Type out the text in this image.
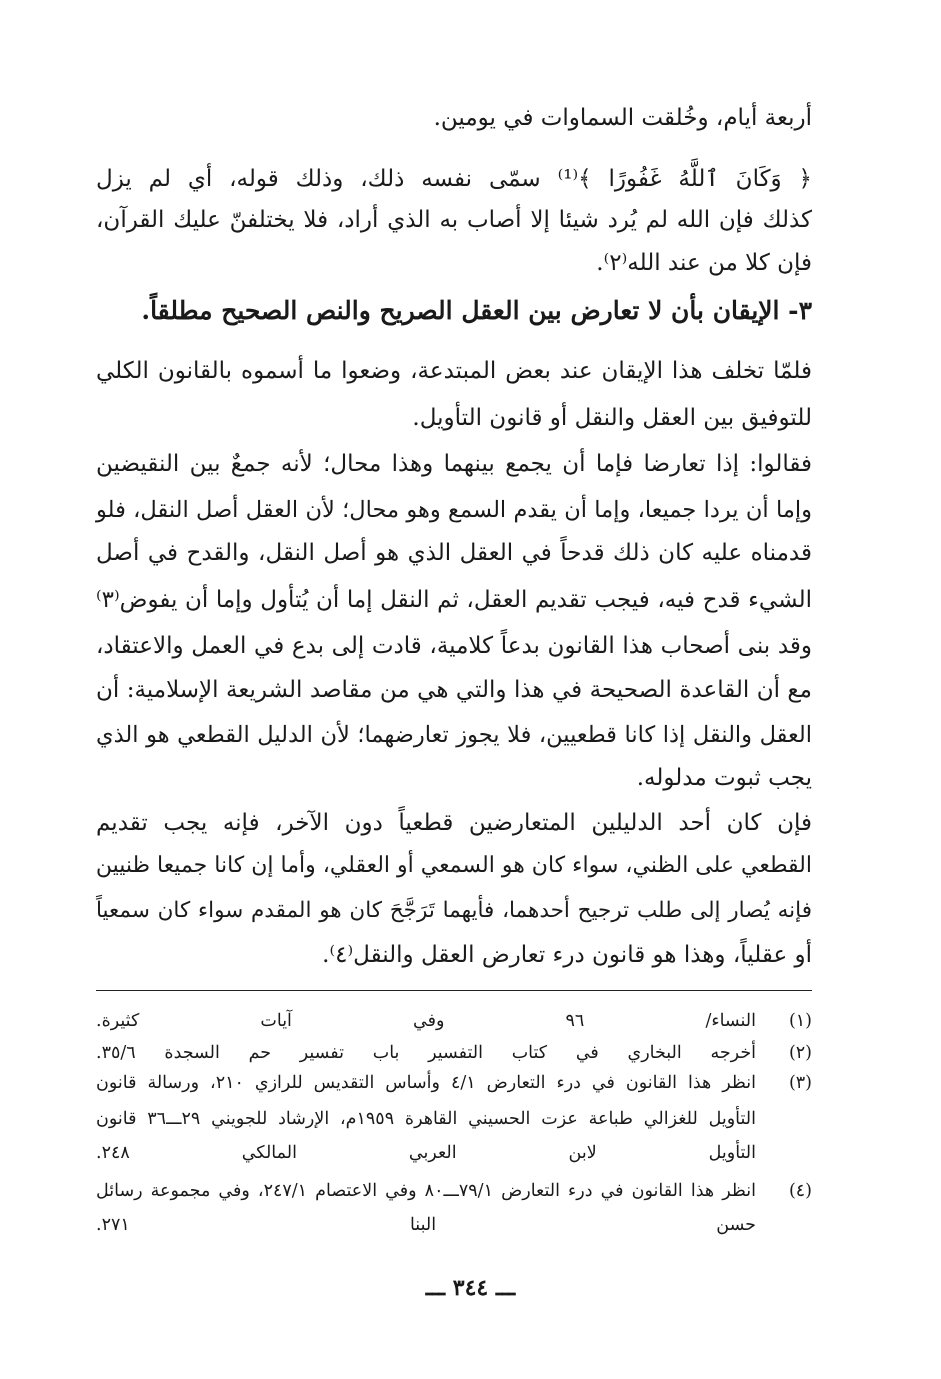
أربعة أيام، وخُلقت السماوات في يومين.
﴿ وَكَانَ ٱللَّهُ غَفُورًا ﴾⁽¹⁾ سمّى نفسه ذلك، وذلك قوله، أي لم يزل
كذلك فإن الله لم يُرد شيئا إلا أصاب به الذي أراد، فلا يختلفنّ عليك القرآن،
فإن كلا من عند الله⁽٢⁾.
٣- الإيقان بأن لا تعارض بين العقل الصريح والنص الصحيح مطلقاً.
فلمّا تخلف هذا الإيقان عند بعض المبتدعة، وضعوا ما أسموه بالقانون الكلي
للتوفيق بين العقل والنقل أو قانون التأويل.
فقالوا: إذا تعارضا فإما أن يجمع بينهما وهذا محال؛ لأنه جمعٌ بين النقيضين
وإما أن يردا جميعا، وإما أن يقدم السمع وهو محال؛ لأن العقل أصل النقل، فلو
قدمناه عليه كان ذلك قدحاً في العقل الذي هو أصل النقل، والقدح في أصل
الشيء قدح فيه، فيجب تقديم العقل، ثم النقل إما أن يُتأول وإما أن يفوض⁽٣⁾
وقد بنى أصحاب هذا القانون بدعاً كلامية، قادت إلى بدع في العمل والاعتقاد،
مع أن القاعدة الصحيحة في هذا والتي هي من مقاصد الشريعة الإسلامية: أن
العقل والنقل إذا كانا قطعيين، فلا يجوز تعارضهما؛ لأن الدليل القطعي هو الذي
يجب ثبوت مدلوله.
فإن كان أحد الدليلين المتعارضين قطعياً دون الآخر، فإنه يجب تقديم
القطعي على الظني، سواء كان هو السمعي أو العقلي، وأما إن كانا جميعا ظنيين
فإنه يُصار إلى طلب ترجيح أحدهما، فأيهما تَرَجَّحَ كان هو المقدم سواء كان سمعياً
أو عقلياً، وهذا هو قانون درء تعارض العقل والنقل⁽٤⁾.
(١)
النساء/ ٩٦ وفي آيات كثيرة.
(٢)
أخرجه البخاري في كتاب التفسير باب تفسير حم السجدة ٣٥/٦.
(٣)
انظر هذا القانون في درء التعارض ٤/١ وأساس التقديس للرازي ٢١٠، ورسالة قانون
التأويل للغزالي طباعة عزت الحسيني القاهرة ١٩٥٩م، الإرشاد للجويني ٢٩ـــ٣٦ قانون
التأويل لابن العربي المالكي ٢٤٨.
(٤)
انظر هذا القانون في درء التعارض ٧٩/١ـــ٨٠ وفي الاعتصام ٢٤٧/١، وفي مجموعة رسائل
حسن البنا ٢٧١.
ـــ ٣٤٤ ـــ
